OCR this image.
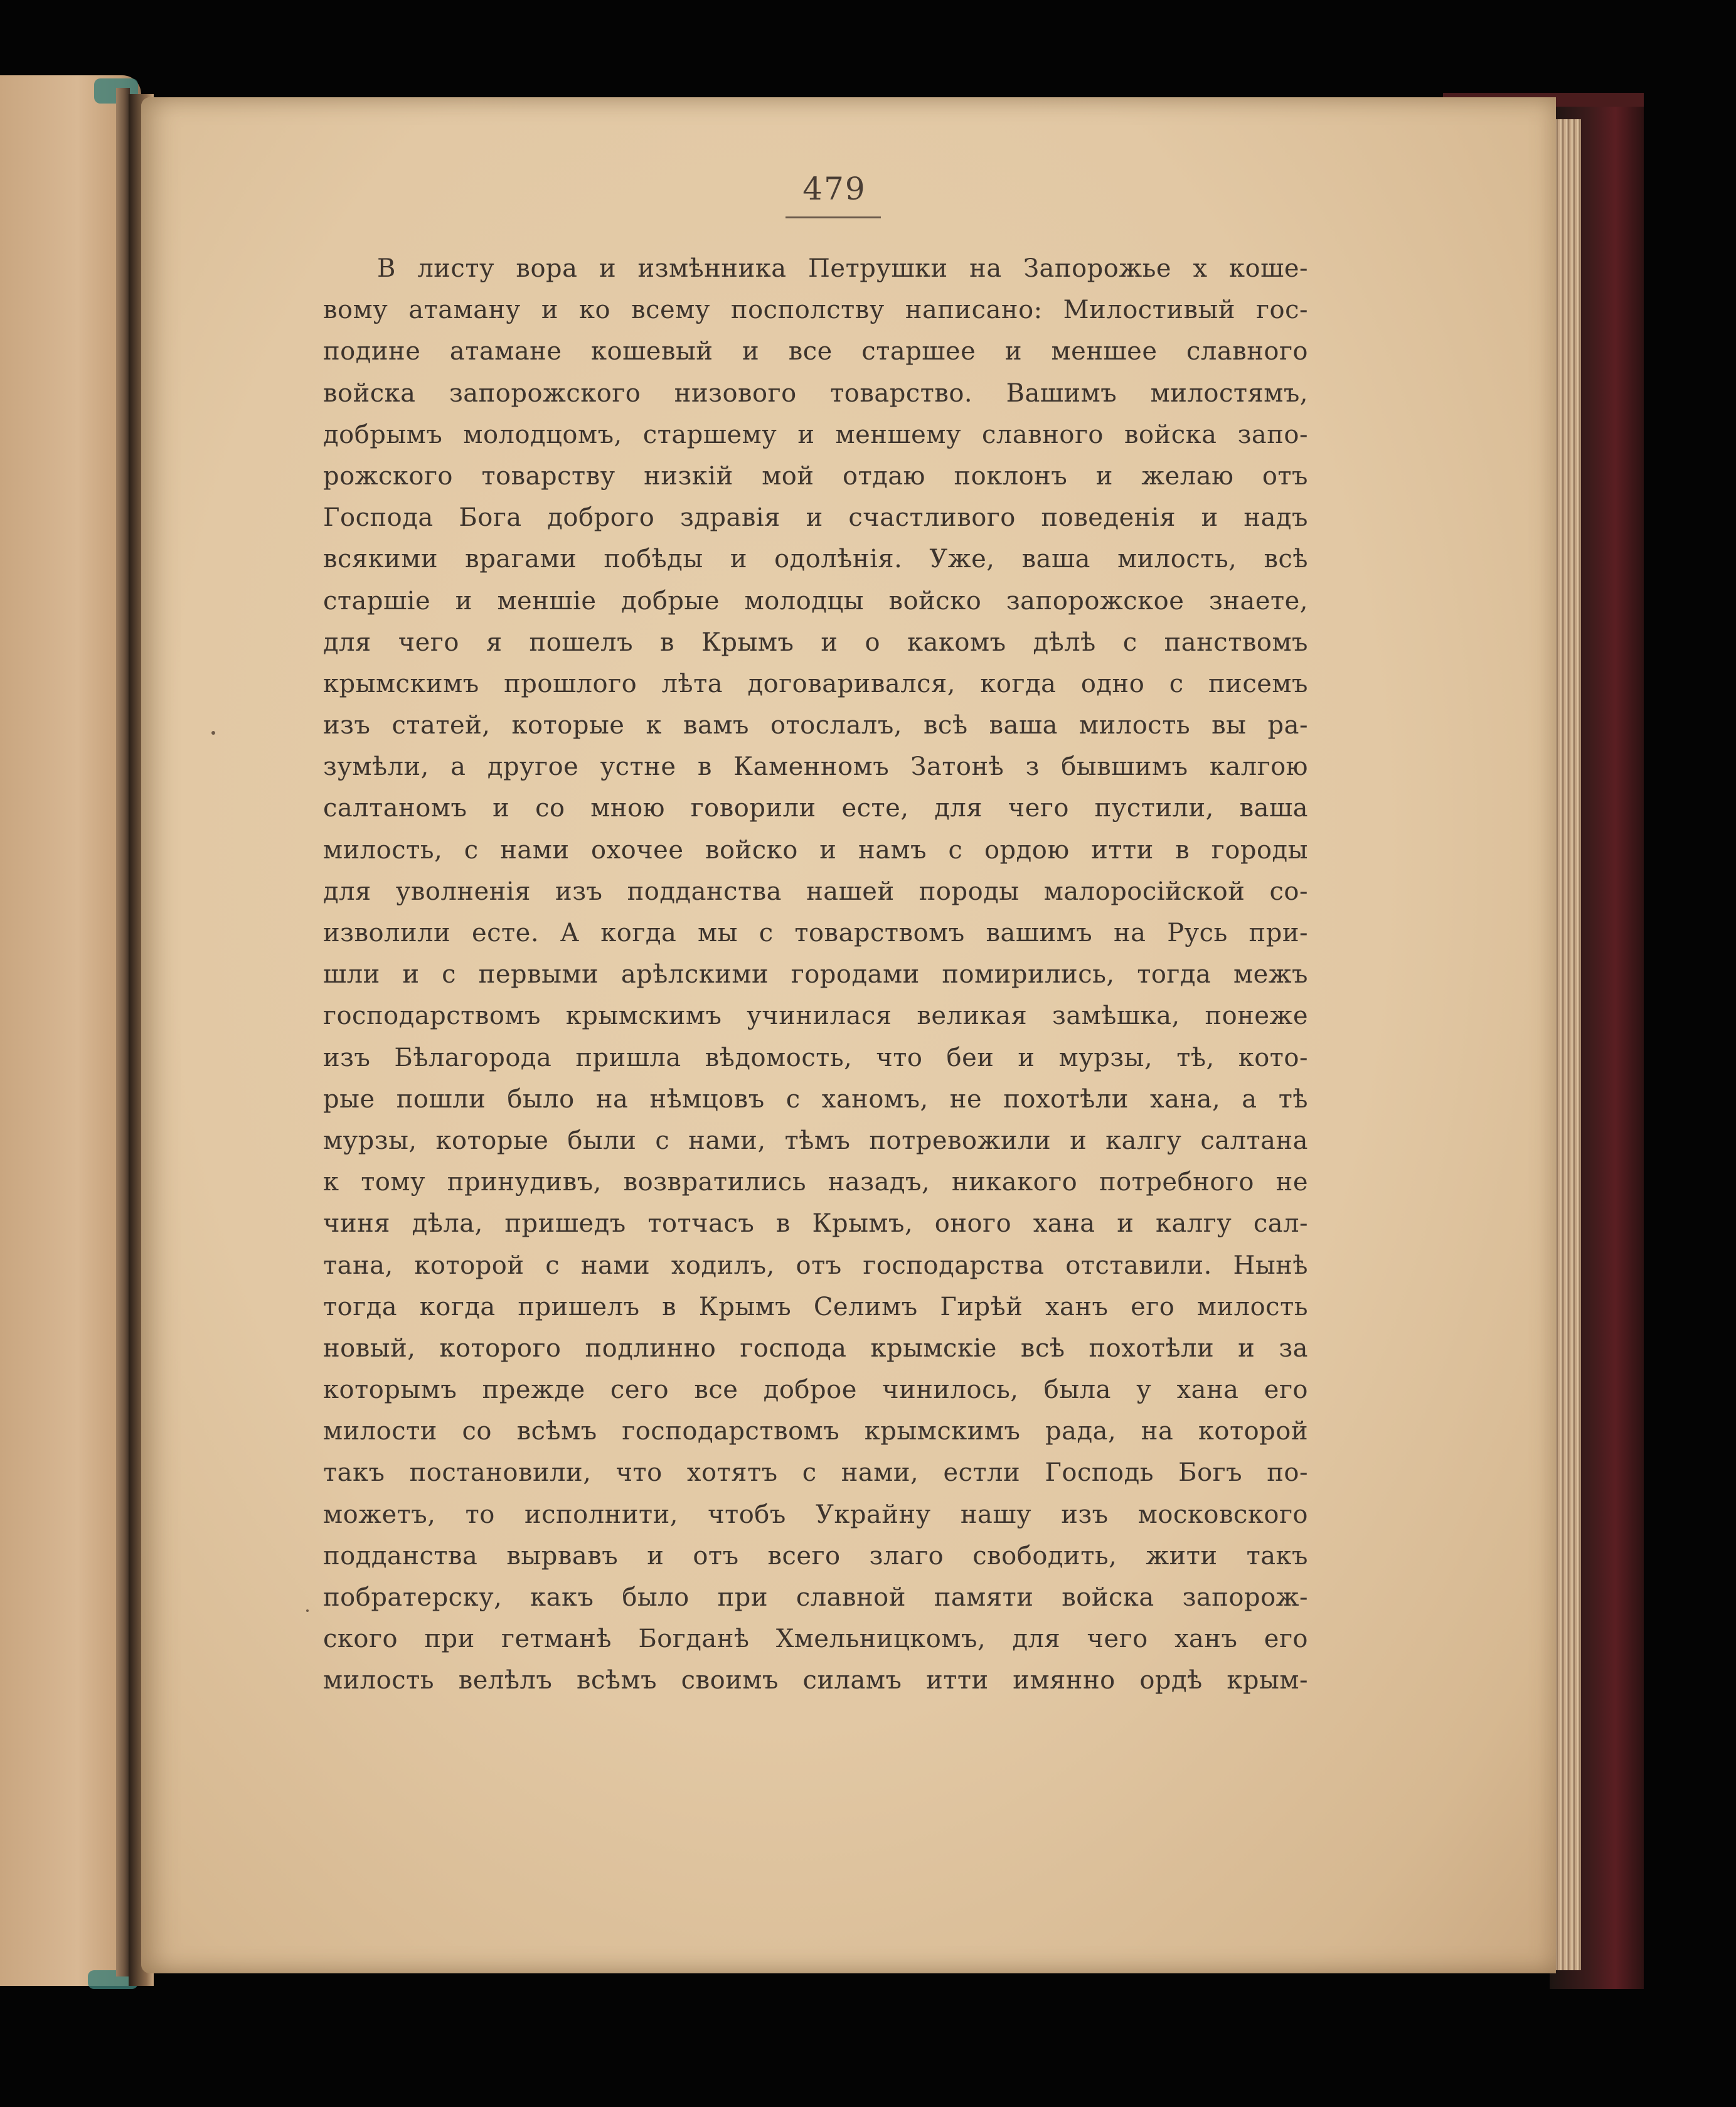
479
В листу вора и измѣнника Петрушки на Запорожье х коше-
вому атаману и ко всему посполству написано: Милостивый гос-
подине атамане кошевый и все старшее и меншее славного
войска запорожского низового товарство. Вашимъ милостямъ,
добрымъ молодцомъ, старшему и меншему славного войска запо-
рожского товарству низкій мой отдаю поклонъ и желаю отъ
Господа Бога доброго здравія и счастливого поведенія и надъ
всякими врагами побѣды и одолѣнія. Уже, ваша милость, всѣ
старшіе и меншіе добрые молодцы войско запорожское знаете,
для чего я пошелъ в Крымъ и о какомъ дѣлѣ с панствомъ
крымскимъ прошлого лѣта договаривался, когда одно с писемъ
изъ статей, которые к вамъ отослалъ, всѣ ваша милость вы ра-
зумѣли, а другое устне в Каменномъ Затонѣ з бывшимъ калгою
салтаномъ и со мною говорили есте, для чего пустили, ваша
милость, с нами охочее войско и намъ с ордою итти в городы
для уволненія изъ подданства нашей породы малоросійской со-
изволили есте. А когда мы с товарствомъ вашимъ на Русь при-
шли и с первыми арѣлскими городами помирились, тогда межъ
господарствомъ крымскимъ учинилася великая замѣшка, понеже
изъ Бѣлагорода пришла вѣдомость, что беи и мурзы, тѣ, кото-
рые пошли было на нѣмцовъ с ханомъ, не похотѣли хана, а тѣ
мурзы, которые были с нами, тѣмъ потревожили и калгу салтана
к тому принудивъ, возвратились назадъ, никакого потребного не
чиня дѣла, пришедъ тотчасъ в Крымъ, оного хана и калгу сал-
тана, которой с нами ходилъ, отъ господарства отставили. Нынѣ
тогда когда пришелъ в Крымъ Селимъ Гирѣй ханъ его милость
новый, которого подлинно господа крымскіе всѣ похотѣли и за
которымъ прежде сего все доброе чинилось, была у хана его
милости со всѣмъ господарствомъ крымскимъ рада, на которой
такъ постановили, что хотятъ с нами, естли Господь Богъ по-
можетъ, то исполнити, чтобъ Украйну нашу изъ московского
подданства вырвавъ и отъ всего злаго свободить, жити такъ
побратерску, какъ было при славной памяти войска запорож-
ского при гетманѣ Богданѣ Хмельницкомъ, для чего ханъ его
милость велѣлъ всѣмъ своимъ силамъ итти имянно ордѣ крым-
